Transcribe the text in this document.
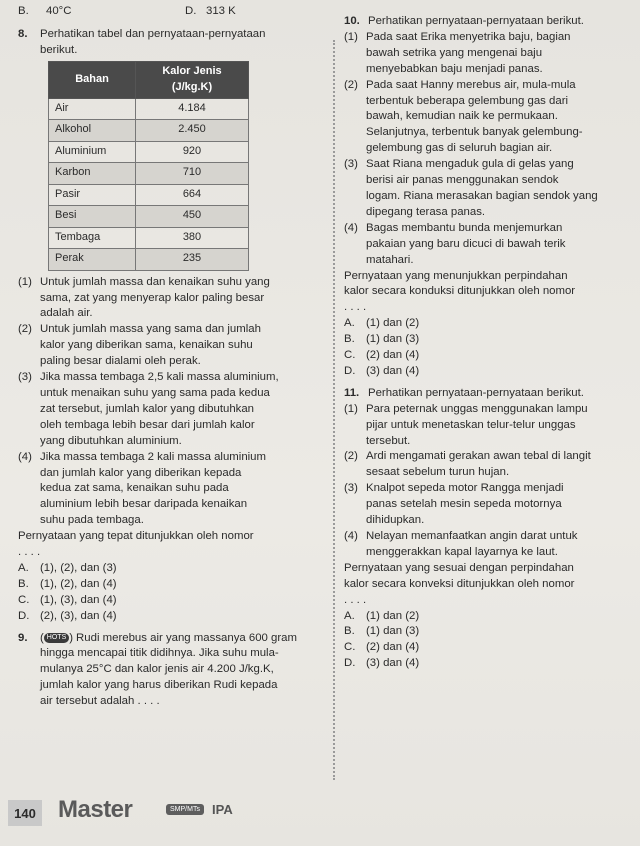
B. 40°C	D. 313 K

8. Perhatikan tabel dan pernyataan-pernyataan

berikut.

Bahan	Kalor Jenis (J/kg.K)
Air	4.184
Alkohol	2.450
Aluminium	920
Karbon	710
Pasir	664
Besi	450
Tembaga	380
Perak	235
(1) Untuk jumlah massa dan kenaikan suhu yang

sama, zat yang menyerap kalor paling besar

adalah air.

(2) Untuk jumlah massa yang sama dan jumlah

kalor yang diberikan sama, kenaikan suhu

paling besar dialami oleh perak.

(3) Jika massa tembaga 2,5 kali massa aluminium,

untuk menaikan suhu yang sama pada kedua

zat tersebut, jumlah kalor yang dibutuhkan

oleh tembaga lebih besar dari jumlah kalor

yang dibutuhkan aluminium.

(4) Jika massa tembaga 2 kali massa aluminium

dan jumlah kalor yang diberikan kepada

kedua zat sama, kenaikan suhu pada

aluminium lebih besar daripada kenaikan

suhu pada tembaga.

Pernyataan yang tepat ditunjukkan oleh nomor

. . . .

A. (1), (2), dan (3)
B. (1), (2), dan (4)
C. (1), (3), dan (4)
D. (2), (3), dan (4)

9. ( HOTS ) Rudi merebus air yang massanya 600 gram

hingga mencapai titik didihnya. Jika suhu mula-

mulanya 25°C dan kalor jenis air 4.200 J/kg.K,

jumlah kalor yang harus diberikan Rudi kepada

air tersebut adalah . . . .

10. Perhatikan pernyataan-pernyataan berikut.

(1) Pada saat Erika menyetrika baju, bagian

bawah setrika yang mengenai baju

menyebabkan baju menjadi panas.

(2) Pada saat Hanny merebus air, mula-mula

terbentuk beberapa gelembung gas dari

bawah, kemudian naik ke permukaan.

Selanjutnya, terbentuk banyak gelembung-

gelembung gas di seluruh bagian air.

(3) Saat Riana mengaduk gula di gelas yang

berisi air panas menggunakan sendok

logam. Riana merasakan bagian sendok yang

dipegang terasa panas.

(4) Bagas membantu bunda menjemurkan

pakaian yang baru dicuci di bawah terik

matahari.

Pernyataan yang menunjukkan perpindahan

kalor secara konduksi ditunjukkan oleh nomor

. . . .

A. (1) dan (2)
B. (1) dan (3)
C. (2) dan (4)
D. (3) dan (4)

11. Perhatikan pernyataan-pernyataan berikut.

(1) Para peternak unggas menggunakan lampu

pijar untuk menetaskan telur-telur unggas

tersebut.

(2) Ardi mengamati gerakan awan tebal di langit

sesaat sebelum turun hujan.

(3) Knalpot sepeda motor Rangga menjadi

panas setelah mesin sepeda motornya

dihidupkan.

(4) Nelayan memanfaatkan angin darat untuk

menggerakkan kapal layarnya ke laut.

Pernyataan yang sesuai dengan perpindahan

kalor secara konveksi ditunjukkan oleh nomor

. . . .

A. (1) dan (2)
B. (1) dan (3)
C. (2) dan (4)
D. (3) dan (4)
140 Master	SMP/MTs IPA
